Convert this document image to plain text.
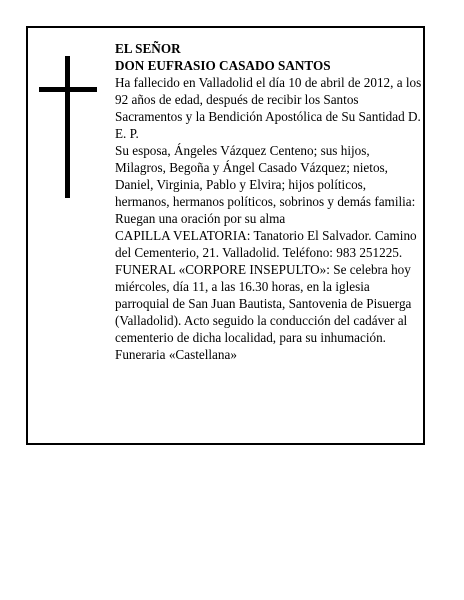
EL SEÑOR

DON EUFRASIO CASADO SANTOS

Ha fallecido en Valladolid el día 10 de abril de 2012, a los 92 años de edad, después de recibir los Santos Sacramentos y la Bendición Apostólica de Su Santidad D. E. P.

Su esposa, Ángeles Vázquez Centeno; sus hijos, Milagros, Begoña y Ángel Casado Vázquez; nietos, Daniel, Virginia, Pablo y Elvira; hijos políticos, hermanos, hermanos políticos, sobrinos y demás familia:

Ruegan una oración por su alma

CAPILLA VELATORIA: Tanatorio El Salvador. Camino del Cementerio, 21. Valladolid. Teléfono: 983 251225.

FUNERAL «CORPORE INSEPULTO»: Se celebra hoy miércoles, día 11, a las 16.30 horas, en la iglesia parroquial de San Juan Bautista, Santovenia de Pisuerga (Valladolid). Acto seguido la conducción del cadáver al cementerio de dicha localidad, para su inhumación.

Funeraria «Castellana»
